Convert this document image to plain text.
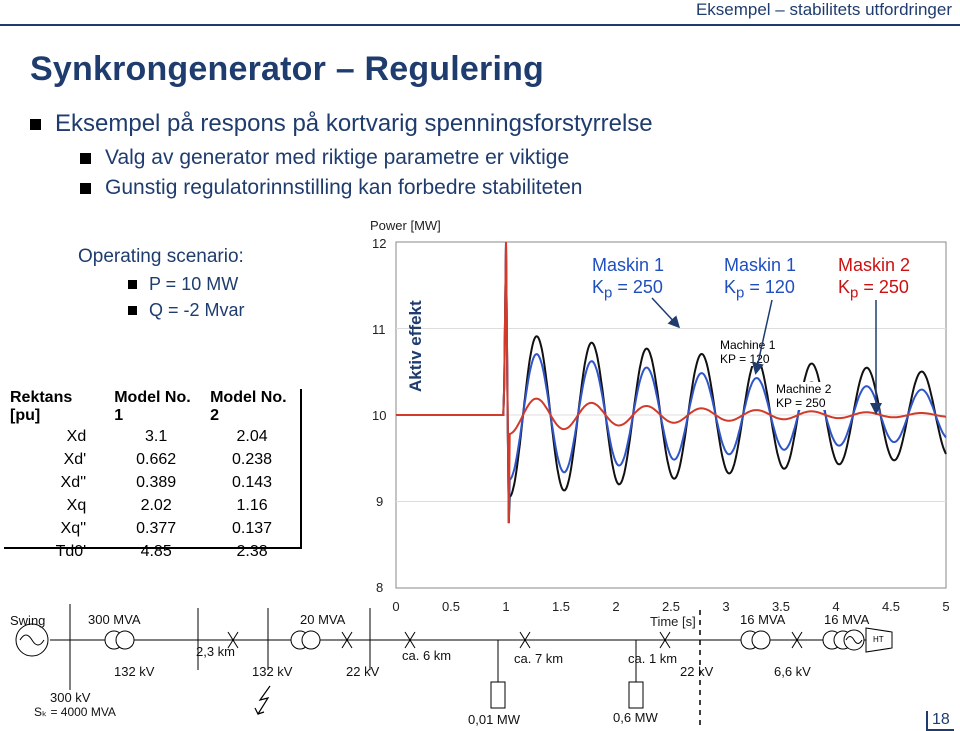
Eksempel – stabilitets utfordringer
Synkrongenerator – Regulering
Eksempel på respons på kortvarig spenningsforstyrrelse
Valg av generator med riktige parametre er viktige
Gunstig regulatorinnstilling kan forbedre stabiliteten
Operating scenario:
P = 10 MW
Q = -2 Mvar
Rektans [pu]	Model No. 1	Model No. 2
Xd	3.1	2.04
Xd'	0.662	0.238
Xd''	0.389	0.143
Xq	2.02	1.16
Xq''	0.377	0.137
Td0'	4.85	2.38
Power [MW]
12
11
10
9
8
0	0.5	1	1.5	2	2.5	3	3.5	4	4.5	5
Aktiv effekt
Time [s]
Maskin 1
$K_p = 250$
Maskin 1
$K_p = 120$
Maskin 2
$K_p = 250$
Machine 1
KP = 120
Machine 2
KP = 250
Swing
300 kV
Sₖ = 4000 MVA
300 MVA
132 kV
2,3 km
132 kV
20 MVA
22 kV
ca. 6 km	ca. 7 km	ca. 1 km
0,01 MW	0,6 MW
16 MVA	16 MVA
22 kV	6,6 kV
HT
18
